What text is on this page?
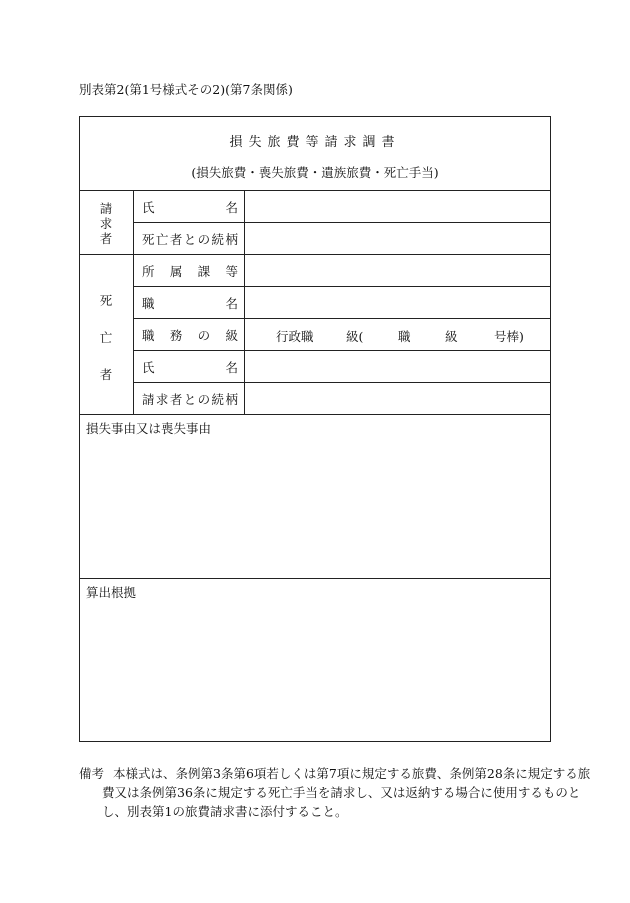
別表第2(第1号様式その2)(第7条関係)
損失旅費等請求調書
(損失旅費・喪失旅費・遺族旅費・死亡手当)
請
求
者
氏	名
死 亡 者 と の 続 柄
死
亡
者
所 属 課 等
職	名
職 務 の 級	行政職	級(	職	級	号棒)
氏	名
請 求 者 と の 続 柄
損失事由又は喪失事由
算出根拠
備考 本様式は、条例第3条第6項若しくは第7項に規定する旅費、条例第28条に規定する旅
費又は条例第36条に規定する死亡手当を請求し、又は返納する場合に使用するものと
し、別表第1の旅費請求書に添付すること。
